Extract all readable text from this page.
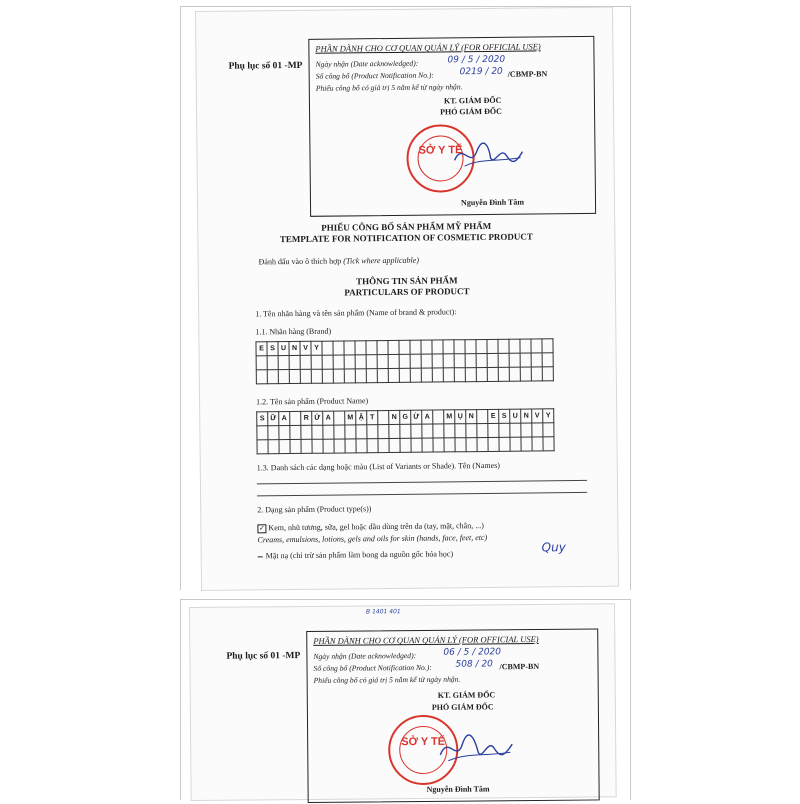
Phụ lục số 01 -MP
PHẦN DÀNH CHO CƠ QUAN QUẢN LÝ (FOR OFFICIAL USE)
Ngày nhận (Date acknowledged):	09 / 5 / 2020
Số công bố (Product Notification No.):	0219 / 20 /CBMP-BN
Phiếu công bố có giá trị 5 năm kể từ ngày nhận.
KT. GIÁM ĐỐC
PHÓ GIÁM ĐỐC
SỞ Y TẾ
Nguyễn Đình Tâm
PHIẾU CÔNG BỐ SẢN PHẨM MỸ PHẨM
TEMPLATE FOR NOTIFICATION OF COSMETIC PRODUCT
Đánh dấu vào ô thích hợp (Tick where applicable)
THÔNG TIN SẢN PHẨM
PARTICULARS OF PRODUCT
1. Tên nhãn hàng và tên sản phẩm (Name of brand & product):
1.1. Nhãn hàng (Brand)
E	S	U	N	V	Y																					

1.2. Tên sản phẩm (Product Name)
S	Ữ	A		R	Ử	A		M	Ặ	T		N	G	Ừ	A		M	Ụ	N		E	S	U	N	V	Y

1.3. Danh sách các dạng hoặc màu (List of Variants or Shade). Tên (Names)
2. Dạng sản phẩm (Product type(s))
✓ Kem, nhũ tương, sữa, gel hoặc dầu dùng trên da (tay, mặt, chân, ...)
Creams, emulsions, lotions, gels and oils for skin (hands, face, feet, etc)
Mặt nạ (chỉ trừ sản phẩm làm bong da nguồn gốc hóa học)
Quy
B 1401 401
Phụ lục số 01 -MP
PHẦN DÀNH CHO CƠ QUAN QUẢN LÝ (FOR OFFICIAL USE)
Ngày nhận (Date acknowledged):	06 / 5 / 2020
Số công bố (Product Notification No.):	508 / 20 /CBMP-BN
Phiếu công bố có giá trị 5 năm kể từ ngày nhận.
KT. GIÁM ĐỐC
PHÓ GIÁM ĐỐC
SỞ Y TẾ
Nguyễn Đình Tâm
